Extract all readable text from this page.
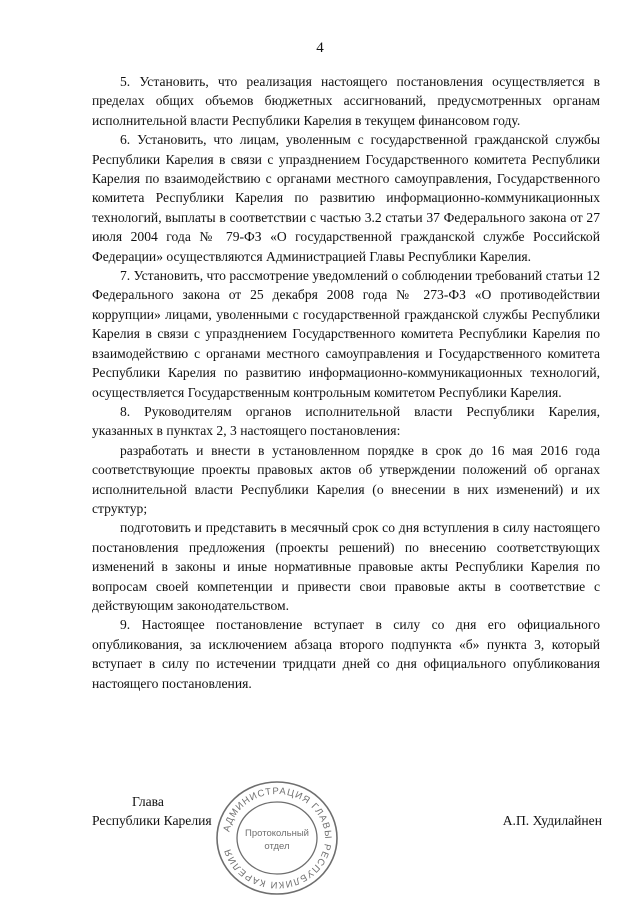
4

5. Установить, что реализация настоящего постановления осуществляется в пределах общих объемов бюджетных ассигнований, предусмотренных органам исполнительной власти Республики Карелия в текущем финансовом году.

6. Установить, что лицам, уволенным с государственной гражданской службы Республики Карелия в связи с упразднением Государственного комитета Республики Карелия по взаимодействию с органами местного самоуправления, Государственного комитета Республики Карелия по развитию информационно-коммуникационных технологий, выплаты в соответствии с частью 3.2 статьи 37 Федерального закона от 27 июля 2004 года № 79-ФЗ «О государственной гражданской службе Российской Федерации» осуществляются Администрацией Главы Республики Карелия.

7. Установить, что рассмотрение уведомлений о соблюдении требований статьи 12 Федерального закона от 25 декабря 2008 года № 273-ФЗ «О противодействии коррупции» лицами, уволенными с государственной гражданской службы Республики Карелия в связи с упразднением Государственного комитета Республики Карелия по взаимодействию с органами местного самоуправления и Государственного комитета Республики Карелия по развитию информационно-коммуникационных технологий, осуществляется Государственным контрольным комитетом Республики Карелия.

8. Руководителям органов исполнительной власти Республики Карелия, указанных в пунктах 2, 3 настоящего постановления:

разработать и внести в установленном порядке в срок до 16 мая 2016 года соответствующие проекты правовых актов об утверждении положений об органах исполнительной власти Республики Карелия (о внесении в них изменений) и их структур;

подготовить и представить в месячный срок со дня вступления в силу настоящего постановления предложения (проекты решений) по внесению соответствующих изменений в законы и иные нормативные правовые акты Республики Карелия по вопросам своей компетенции и привести свои правовые акты в соответствие с действующим законодательством.

9. Настоящее постановление вступает в силу со дня его официального опубликования, за исключением абзаца второго подпункта «б» пункта 3, который вступает в силу по истечении тридцати дней со дня официального опубликования настоящего постановления.

Глава
Республики Карелия	А.П. Худилайнен
АДМИНИСТРАЦИЯ ГЛАВЫ РЕСПУБЛИКИ КАРЕЛИЯ
Протокольный
отдел
